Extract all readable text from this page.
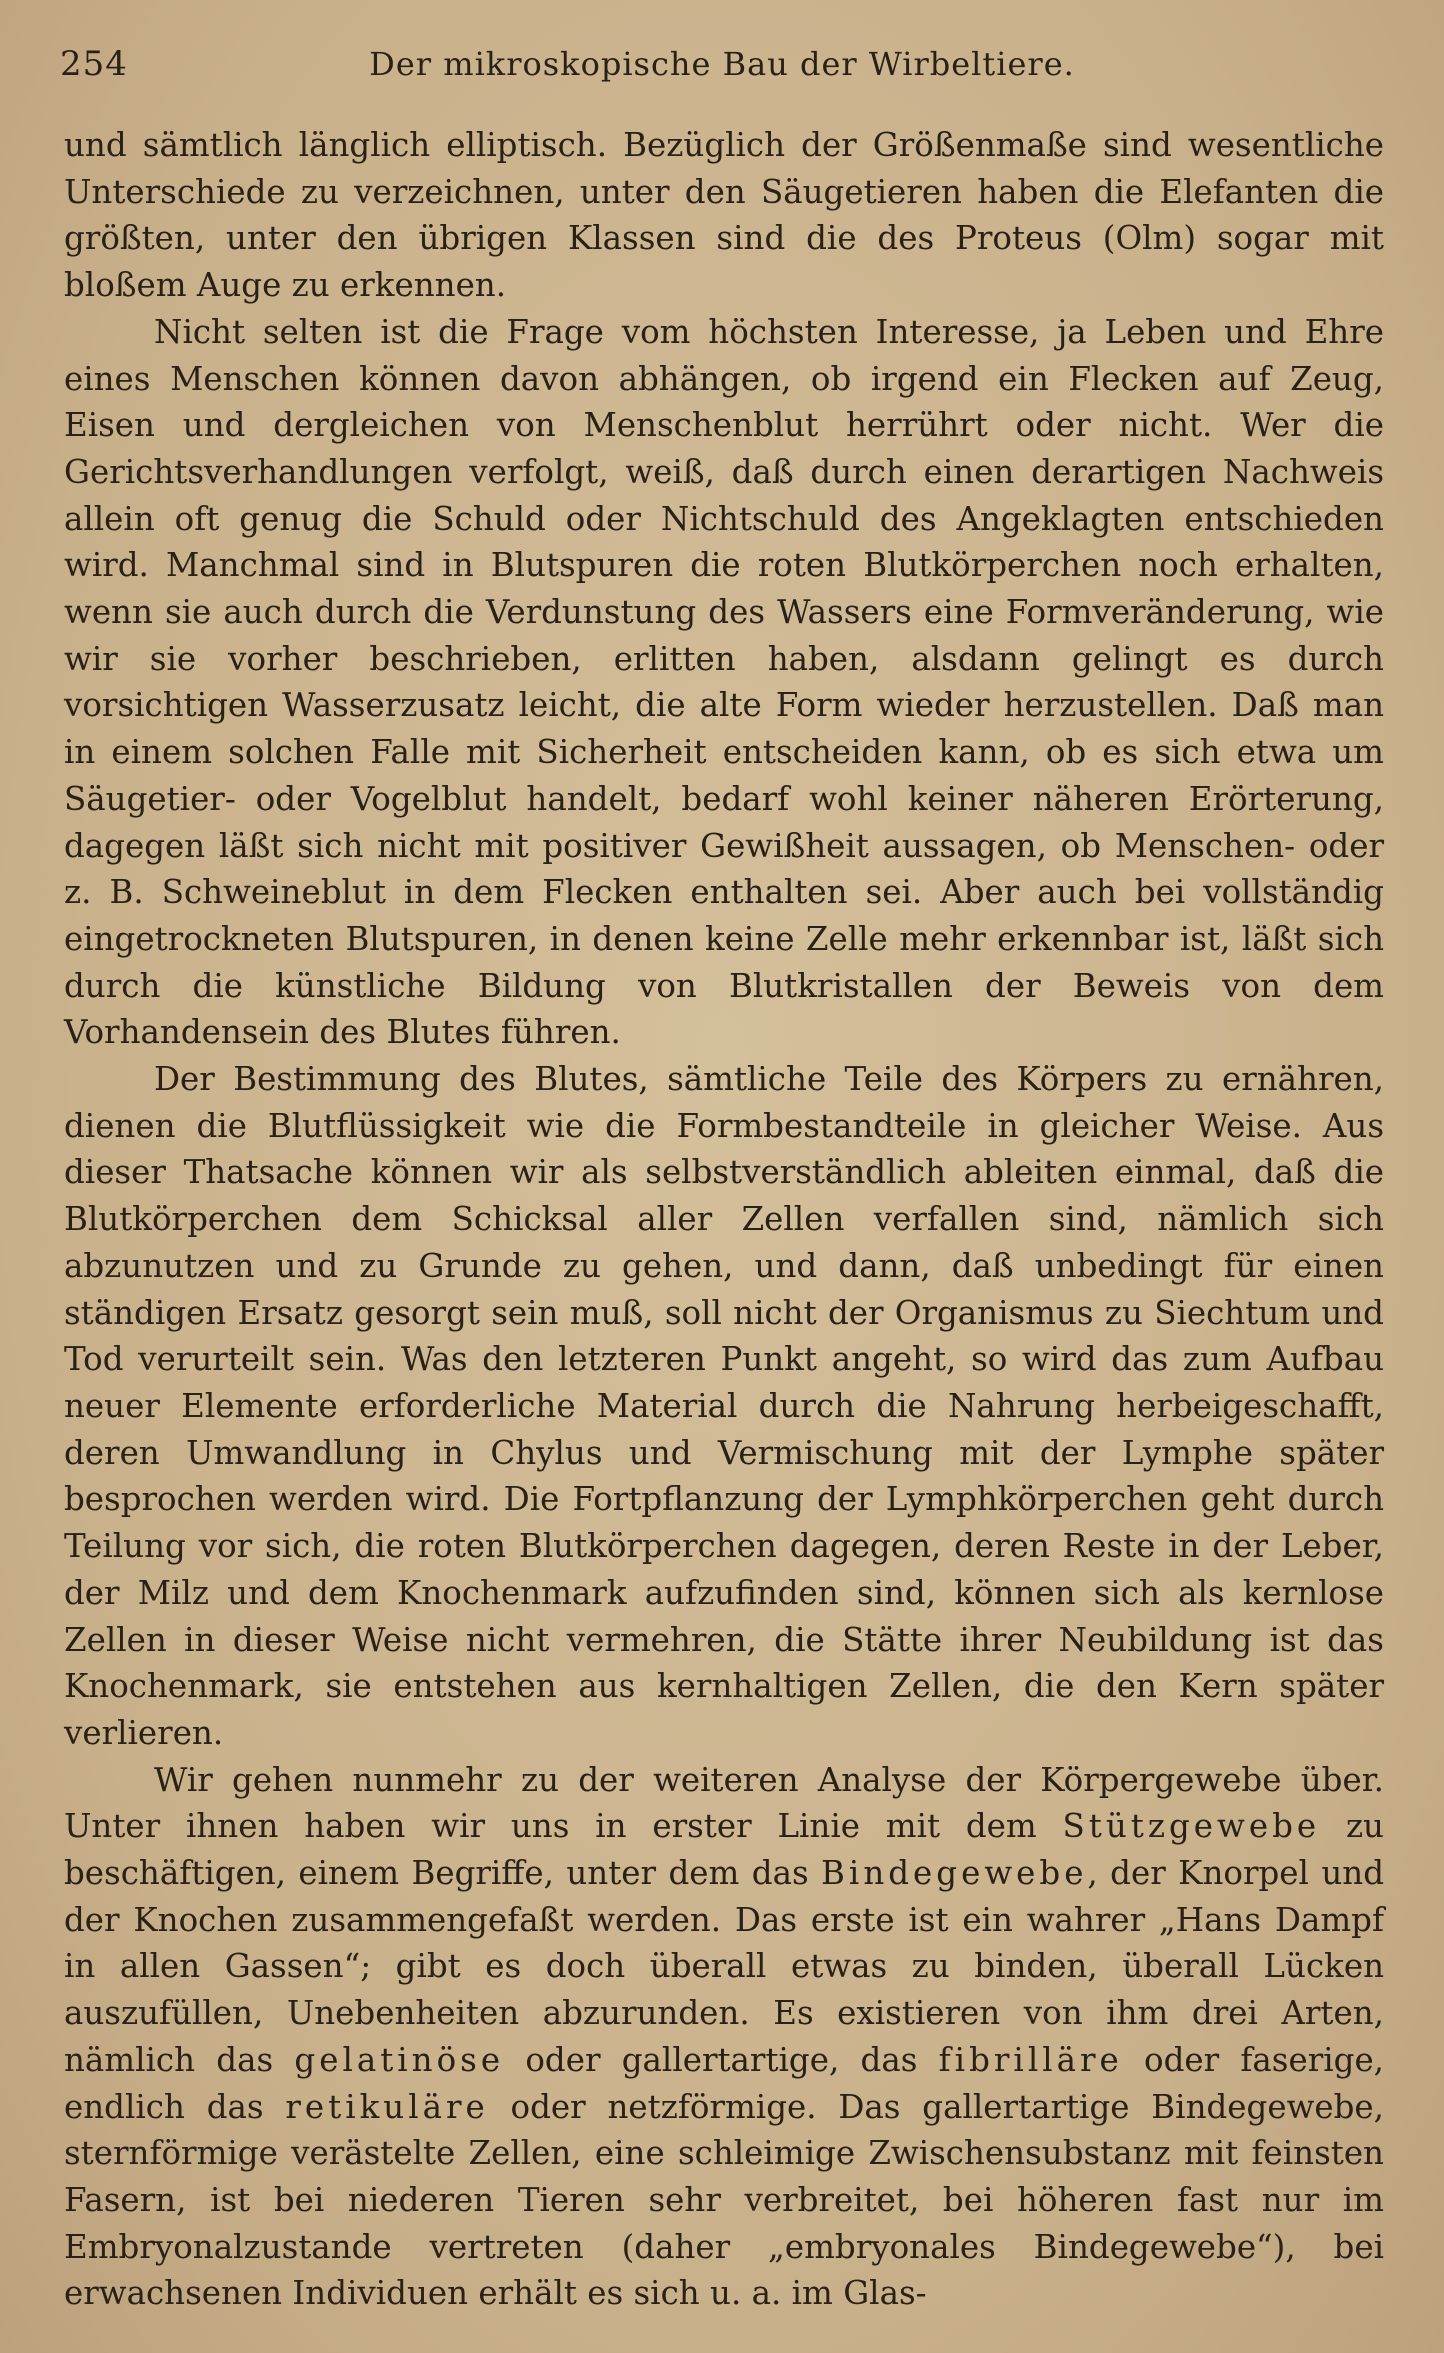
254	Der mikroskopische Bau der Wirbeltiere.

und sämtlich länglich elliptisch. Bezüglich der Größenmaße sind wesentliche Unterschiede zu verzeichnen, unter den Säugetieren haben die Elefanten die größten, unter den übrigen Klassen sind die des Proteus (Olm) sogar mit bloßem Auge zu erkennen.

Nicht selten ist die Frage vom höchsten Interesse, ja Leben und Ehre eines Menschen können davon abhängen, ob irgend ein Flecken auf Zeug, Eisen und dergleichen von Menschenblut herrührt oder nicht. Wer die Gerichtsverhandlungen verfolgt, weiß, daß durch einen derartigen Nachweis allein oft genug die Schuld oder Nichtschuld des Angeklagten entschieden wird. Manchmal sind in Blutspuren die roten Blutkörperchen noch erhalten, wenn sie auch durch die Verdunstung des Wassers eine Formveränderung, wie wir sie vorher beschrieben, erlitten haben, alsdann gelingt es durch vorsichtigen Wasserzusatz leicht, die alte Form wieder herzustellen. Daß man in einem solchen Falle mit Sicherheit entscheiden kann, ob es sich etwa um Säugetier- oder Vogelblut handelt, bedarf wohl keiner näheren Erörterung, dagegen läßt sich nicht mit positiver Gewißheit aussagen, ob Menschen- oder z. B. Schweineblut in dem Flecken enthalten sei. Aber auch bei vollständig eingetrockneten Blutspuren, in denen keine Zelle mehr erkennbar ist, läßt sich durch die künstliche Bildung von Blutkristallen der Beweis von dem Vorhandensein des Blutes führen.

Der Bestimmung des Blutes, sämtliche Teile des Körpers zu ernähren, dienen die Blutflüssigkeit wie die Formbestandteile in gleicher Weise. Aus dieser Thatsache können wir als selbstverständlich ableiten einmal, daß die Blutkörperchen dem Schicksal aller Zellen verfallen sind, nämlich sich abzunutzen und zu Grunde zu gehen, und dann, daß unbedingt für einen ständigen Ersatz gesorgt sein muß, soll nicht der Organismus zu Siechtum und Tod verurteilt sein. Was den letzteren Punkt angeht, so wird das zum Aufbau neuer Elemente erforderliche Material durch die Nahrung herbeigeschafft, deren Umwandlung in Chylus und Vermischung mit der Lymphe später besprochen werden wird. Die Fortpflanzung der Lymphkörperchen geht durch Teilung vor sich, die roten Blutkörperchen dagegen, deren Reste in der Leber, der Milz und dem Knochenmark aufzufinden sind, können sich als kernlose Zellen in dieser Weise nicht vermehren, die Stätte ihrer Neubildung ist das Knochenmark, sie entstehen aus kernhaltigen Zellen, die den Kern später verlieren.

Wir gehen nunmehr zu der weiteren Analyse der Körpergewebe über. Unter ihnen haben wir uns in erster Linie mit dem Stützgewebe zu beschäftigen, einem Begriffe, unter dem das Bindegewebe, der Knorpel und der Knochen zusammengefaßt werden. Das erste ist ein wahrer „Hans Dampf in allen Gassen“; gibt es doch überall etwas zu binden, überall Lücken auszufüllen, Unebenheiten abzurunden. Es existieren von ihm drei Arten, nämlich das gelatinöse oder gallertartige, das fibrilläre oder faserige, endlich das retikuläre oder netzförmige. Das gallertartige Bindegewebe, sternförmige verästelte Zellen, eine schleimige Zwischensubstanz mit feinsten Fasern, ist bei niederen Tieren sehr verbreitet, bei höheren fast nur im Embryonalzustande vertreten (daher „embryonales Bindegewebe“), bei erwachsenen Individuen erhält es sich u. a. im Glas-
